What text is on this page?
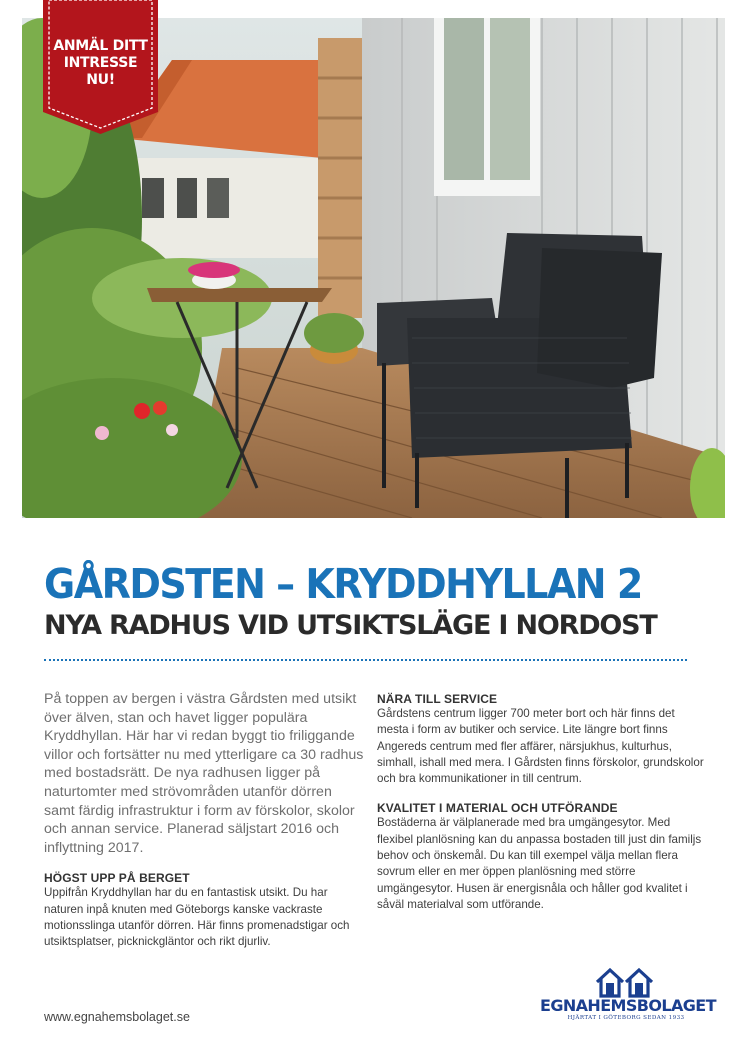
ANMÄL DITT
INTRESSE
NU!
GÅRDSTEN – KRYDDHYLLAN 2
NYA RADHUS VID UTSIKTSLÄGE I NORDOST

På toppen av bergen i västra Gårdsten med utsikt över älven, stan och havet ligger populära Kryddhyllan. Här har vi redan byggt tio friliggande villor och fortsätter nu med ytterligare ca 30 radhus med bostadsrätt. De nya radhusen ligger på naturtomter med strövområden utanför dörren samt färdig infrastruktur i form av förskolor, skolor och annan service. Planerad säljstart 2016 och inflyttning 2017.

HÖGST UPP PÅ BERGET

Uppifrån Kryddhyllan har du en fantastisk utsikt. Du har naturen inpå knuten med Göteborgs kanske vackraste motionsslinga utanför dörren. Här finns promenadstigar och utsiktsplatser, picknickgläntor och rikt djurliv.

NÄRA TILL SERVICE

Gårdstens centrum ligger 700 meter bort och här finns det mesta i form av butiker och service. Lite längre bort finns Angereds centrum med fler affärer, närsjukhus, kulturhus, simhall, ishall med mera. I Gårdsten finns förskolor, grundskolor och bra kommunikationer in till centrum.

KVALITET I MATERIAL OCH UTFÖRANDE

Bostäderna är välplanerade med bra umgängesytor. Med flexibel planlösning kan du anpassa bostaden till just din familjs behov och önskemål. Du kan till exempel välja mellan flera sovrum eller en mer öppen planlösning med större umgängesytor. Husen är energisnåla och håller god kvalitet i såväl materialval som utförande.

www.egnahemsbolaget.se
EGNAHEMSBOLAGET
HJÄRTAT I GÖTEBORG SEDAN 1933
